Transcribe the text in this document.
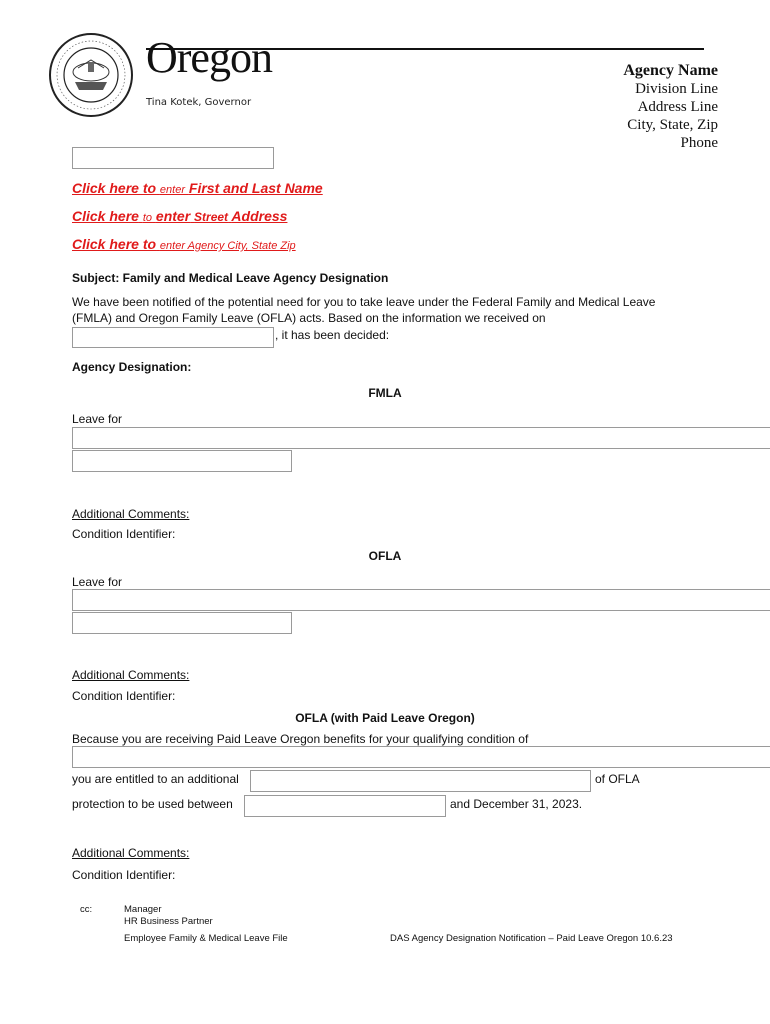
Oregon
Tina Kotek, Governor
Agency Name
Division Line
Address Line
City, State, Zip
Phone
Click here to enter First and Last Name
Click here to enter Street Address
Click here to enter Agency City, State Zip
Subject: Family and Medical Leave Agency Designation
We have been notified of the potential need for you to take leave under the Federal Family and Medical Leave
(FMLA) and Oregon Family Leave (OFLA) acts. Based on the information we received on
, it has been decided:
Agency Designation:
FMLA
Leave for
Additional Comments:
Condition Identifier:
OFLA
Leave for
Additional Comments:
Condition Identifier:
OFLA (with Paid Leave Oregon)
Because you are receiving Paid Leave Oregon benefits for your qualifying condition of
you are entitled to an additional	of OFLA
protection to be used between	and December 31, 2023.
Additional Comments:
Condition Identifier:
cc:	Manager
HR Business Partner
Employee Family & Medical Leave File	DAS Agency Designation Notification – Paid Leave Oregon 10.6.23
